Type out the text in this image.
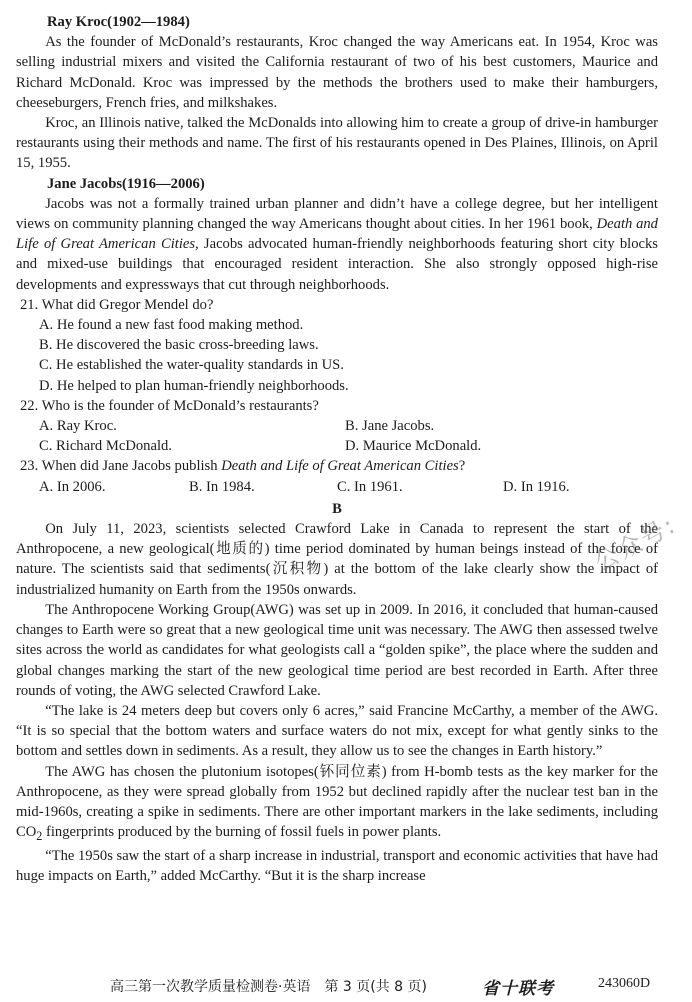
Ray Kroc(1902—1984)

As the founder of McDonald’s restaurants, Kroc changed the way Americans eat. In 1954, Kroc was selling industrial mixers and visited the California restaurant of two of his best customers, Maurice and Richard McDonald. Kroc was impressed by the methods the brothers used to make their hamburgers, cheeseburgers, French fries, and milkshakes.

Kroc, an Illinois native, talked the McDonalds into allowing him to create a group of drive-in hamburger restaurants using their methods and name. The first of his restaurants opened in Des Plaines, Illinois, on April 15, 1955.

Jane Jacobs(1916—2006)

Jacobs was not a formally trained urban planner and didn’t have a college degree, but her intelligent views on community planning changed the way Americans thought about cities. In her 1961 book, Death and Life of Great American Cities, Jacobs advocated human-friendly neighborhoods featuring short city blocks and mixed-use buildings that encouraged resident interaction. She also strongly opposed high-rise developments and expressways that cut through neighborhoods.

21. What did Gregor Mendel do?

A. He found a new fast food making method.

B. He discovered the basic cross-breeding laws.

C. He established the water-quality standards in US.

D. He helped to plan human-friendly neighborhoods.

22. Who is the founder of McDonald’s restaurants?

A. Ray Kroc.	B. Jane Jacobs.

C. Richard McDonald.	D. Maurice McDonald.

23. When did Jane Jacobs publish Death and Life of Great American Cities?

A. In 2006.	B. In 1984.	C. In 1961.	D. In 1916.

B

On July 11, 2023, scientists selected Crawford Lake in Canada to represent the start of the Anthropocene, a new geological(地质的) time period dominated by human beings instead of the force of nature. The scientists said that sediments(沉积物) at the bottom of the lake clearly show the impact of industrialized humanity on Earth from the 1950s onwards.

The Anthropocene Working Group(AWG) was set up in 2009. In 2016, it concluded that human-caused changes to Earth were so great that a new geological time unit was necessary. The AWG then assessed twelve sites across the world as candidates for what geologists call a “golden spike”, the place where the sudden and global changes marking the start of the new geological time period are best recorded in Earth. After three rounds of voting, the AWG selected Crawford Lake.

“The lake is 24 meters deep but covers only 6 acres,” said Francine McCarthy, a member of the AWG. “It is so special that the bottom waters and surface waters do not mix, except for what gently sinks to the bottom and settles down in sediments. As a result, they allow us to see the changes in Earth history.”

The AWG has chosen the plutonium isotopes(钚同位素) from H-bomb tests as the key marker for the Anthropocene, as they were spread globally from 1952 but declined rapidly after the nuclear test ban in the mid-1960s, creating a spike in sediments. There are other important markers in the lake sediments, including $CO_2$ fingerprints produced by the burning of fossil fuels in power plants.

“The 1950s saw the start of a sharp increase in industrial, transport and economic activities that have had huge impacts on Earth,” added McCarthy. “But it is the sharp increase

公众号:
高三第一次教学质量检测卷·英语　第 3 页(共 8 页)	省十联考	243060D
